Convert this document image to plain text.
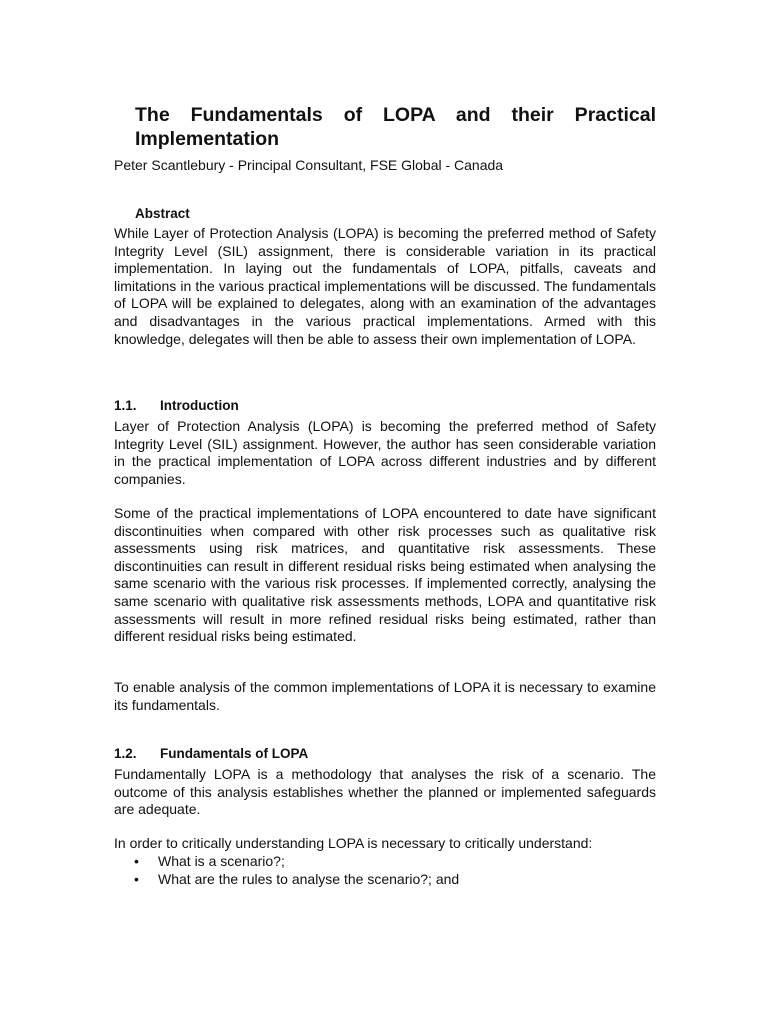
The Fundamentals of LOPA and their Practical Implementation

Peter Scantlebury - Principal Consultant, FSE Global - Canada

Abstract

While Layer of Protection Analysis (LOPA) is becoming the preferred method of Safety Integrity Level (SIL) assignment, there is considerable variation in its practical implementation. In laying out the fundamentals of LOPA, pitfalls, caveats and limitations in the various practical implementations will be discussed. The fundamentals of LOPA will be explained to delegates, along with an examination of the advantages and disadvantages in the various practical implementations. Armed with this knowledge, delegates will then be able to assess their own implementation of LOPA.

1.1. Introduction

Layer of Protection Analysis (LOPA) is becoming the preferred method of Safety Integrity Level (SIL) assignment. However, the author has seen considerable variation in the practical implementation of LOPA across different industries and by different companies.

Some of the practical implementations of LOPA encountered to date have significant discontinuities when compared with other risk processes such as qualitative risk assessments using risk matrices, and quantitative risk assessments. These discontinuities can result in different residual risks being estimated when analysing the same scenario with the various risk processes. If implemented correctly, analysing the same scenario with qualitative risk assessments methods, LOPA and quantitative risk assessments will result in more refined residual risks being estimated, rather than different residual risks being estimated.

To enable analysis of the common implementations of LOPA it is necessary to examine its fundamentals.

1.2. Fundamentals of LOPA

Fundamentally LOPA is a methodology that analyses the risk of a scenario. The outcome of this analysis establishes whether the planned or implemented safeguards are adequate.

In order to critically understanding LOPA is necessary to critically understand:

• What is a scenario?;
• What are the rules to analyse the scenario?; and
